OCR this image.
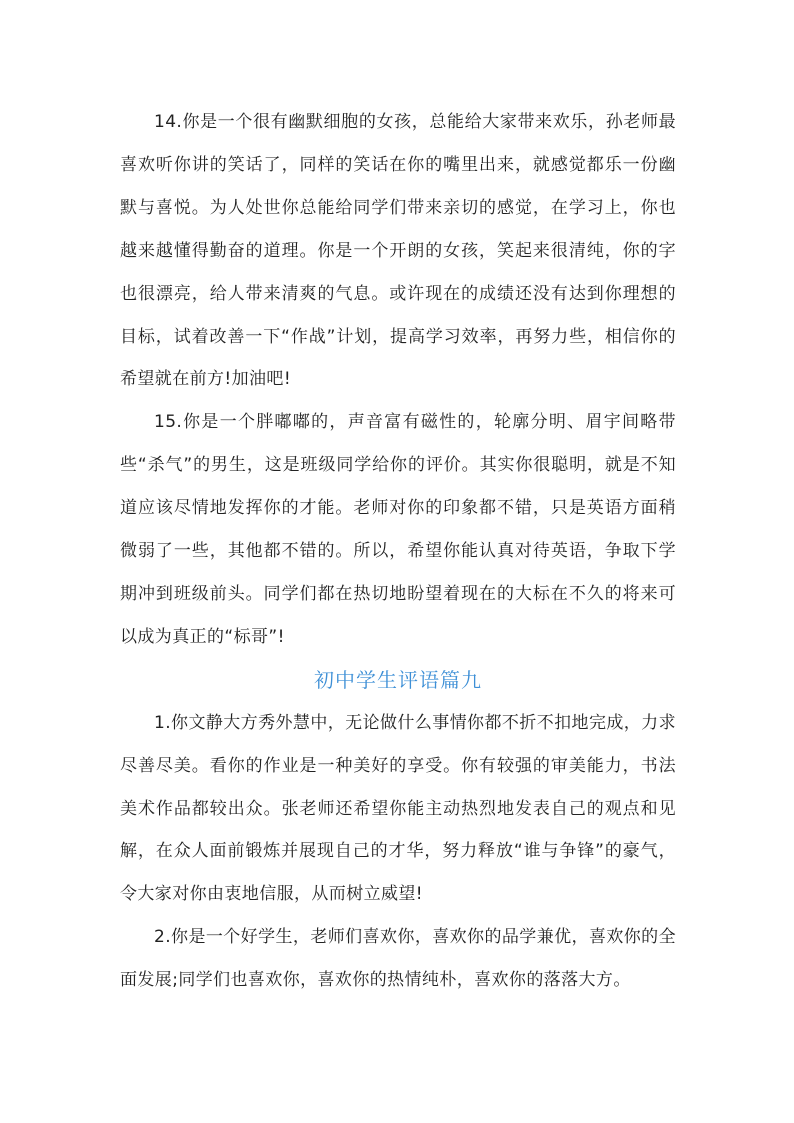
14.你是一个很有幽默细胞的女孩，总能给大家带来欢乐，孙老师最喜欢听你讲的笑话了，同样的笑话在你的嘴里出来，就感觉都乐一份幽默与喜悦。为人处世你总能给同学们带来亲切的感觉，在学习上，你也越来越懂得勤奋的道理。你是一个开朗的女孩，笑起来很清纯，你的字也很漂亮，给人带来清爽的气息。或许现在的成绩还没有达到你理想的目标，试着改善一下“作战”计划，提高学习效率，再努力些，相信你的希望就在前方!加油吧!

15.你是一个胖嘟嘟的，声音富有磁性的，轮廓分明、眉宇间略带些“杀气”的男生，这是班级同学给你的评价。其实你很聪明，就是不知道应该尽情地发挥你的才能。老师对你的印象都不错，只是英语方面稍微弱了一些，其他都不错的。所以，希望你能认真对待英语，争取下学期冲到班级前头。同学们都在热切地盼望着现在的大标在不久的将来可以成为真正的“标哥”!

初中学生评语篇九

1.你文静大方秀外慧中，无论做什么事情你都不折不扣地完成，力求尽善尽美。看你的作业是一种美好的享受。你有较强的审美能力，书法美术作品都较出众。张老师还希望你能主动热烈地发表自己的观点和见解，在众人面前锻炼并展现自己的才华，努力释放“谁与争锋”的豪气，令大家对你由衷地信服，从而树立威望!

2.你是一个好学生，老师们喜欢你，喜欢你的品学兼优，喜欢你的全面发展;同学们也喜欢你，喜欢你的热情纯朴，喜欢你的落落大方。
